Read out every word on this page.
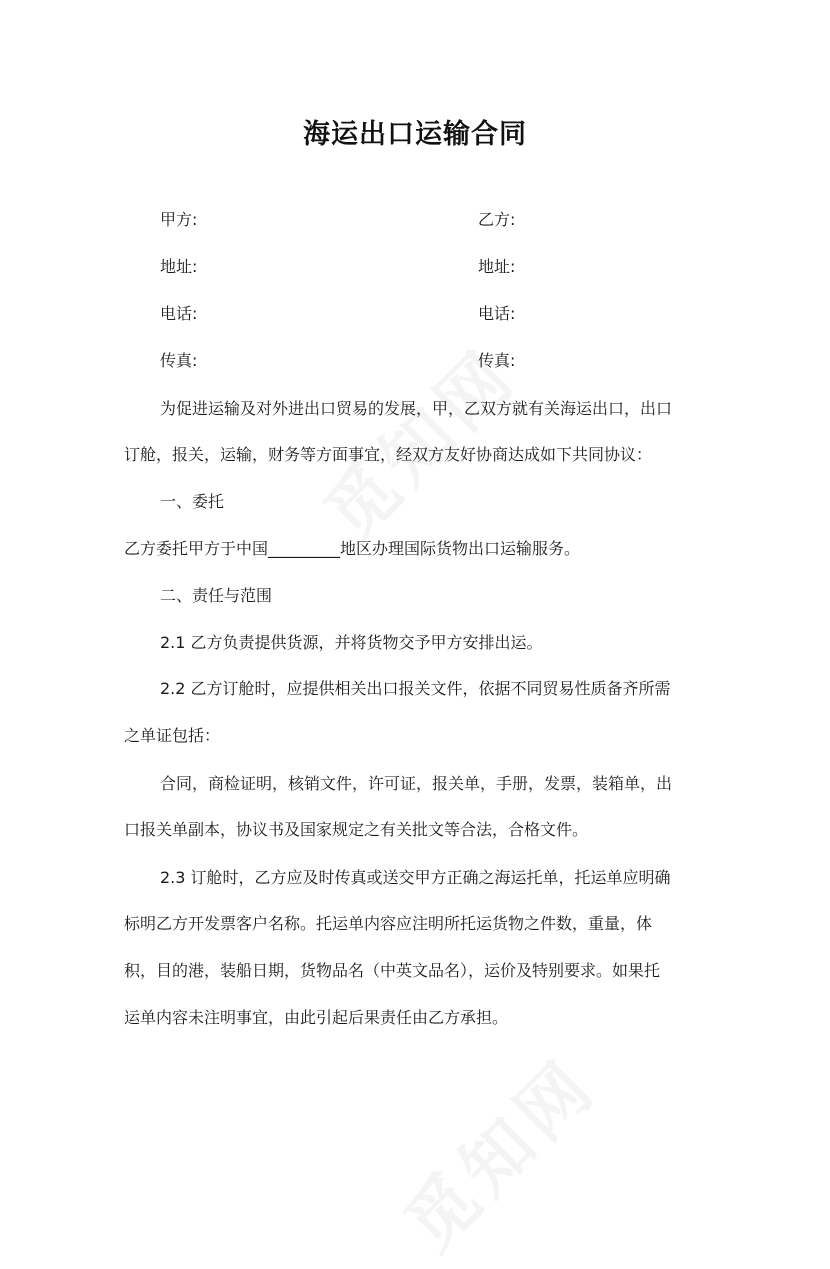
海运出口运输合同
甲方:	乙方:
地址:	地址:
电话:	电话:
传真:	传真:
为促进运输及对外进出口贸易的发展，甲，乙双方就有关海运出口，出口
订舱，报关，运输，财务等方面事宜，经双方友好协商达成如下共同协议：
一、委托
乙方委托甲方于中国_________地区办理国际货物出口运输服务。
二、责任与范围
2.1 乙方负责提供货源，并将货物交予甲方安排出运。
2.2 乙方订舱时，应提供相关出口报关文件，依据不同贸易性质备齐所需
之单证包括：
合同，商检证明，核销文件，许可证，报关单，手册，发票，装箱单，出
口报关单副本，协议书及国家规定之有关批文等合法，合格文件。
2.3 订舱时，乙方应及时传真或送交甲方正确之海运托单，托运单应明确
标明乙方开发票客户名称。托运单内容应注明所托运货物之件数，重量，体
积，目的港，装船日期，货物品名（中英文品名），运价及特别要求。如果托
运单内容未注明事宜，由此引起后果责任由乙方承担。
